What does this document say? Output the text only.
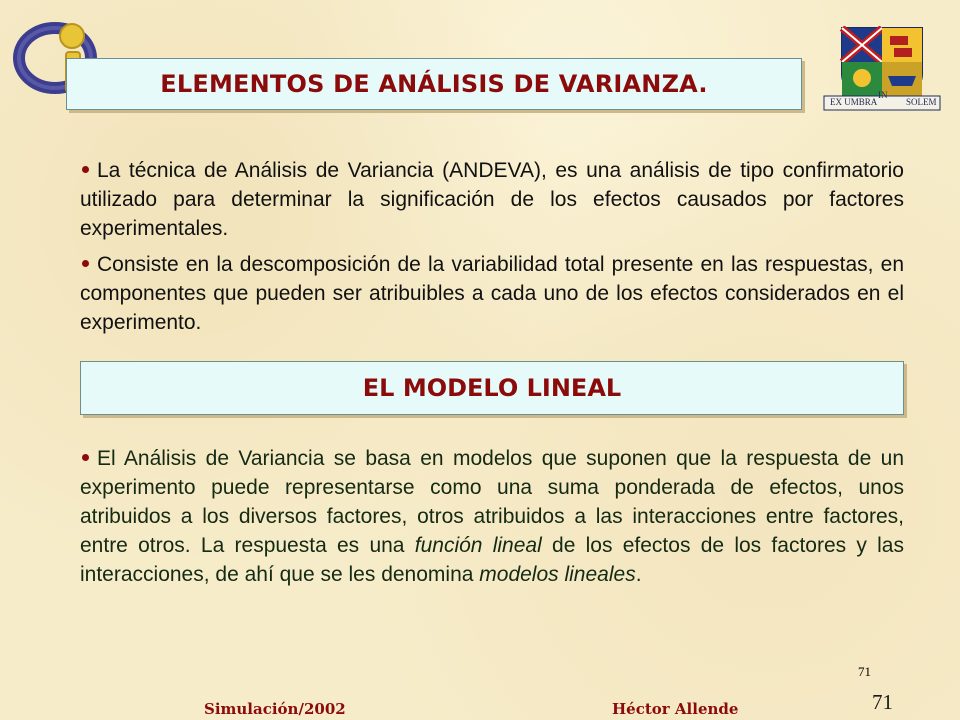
EX UMBRA
IN
SOLEM
ELEMENTOS DE ANÁLISIS DE VARIANZA.

La técnica de Análisis de Variancia (ANDEVA), es una análisis de tipo confirmatorio utilizado para determinar la significación de los efectos causados por factores experimentales.

Consiste en la descomposición de la variabilidad total presente en las respuestas, en componentes que pueden ser atribuibles a cada uno de los efectos considerados en el experimento.

EL MODELO LINEAL

El Análisis de Variancia se basa en modelos que suponen que la respuesta de un experimento puede representarse como una suma ponderada de efectos, unos atribuidos a los diversos factores, otros atribuidos a las interacciones entre factores, entre otros. La respuesta es una función lineal de los efectos de los factores y las interacciones, de ahí que se les denomina modelos lineales.

71
71
Simulación/2002	Héctor Allende
